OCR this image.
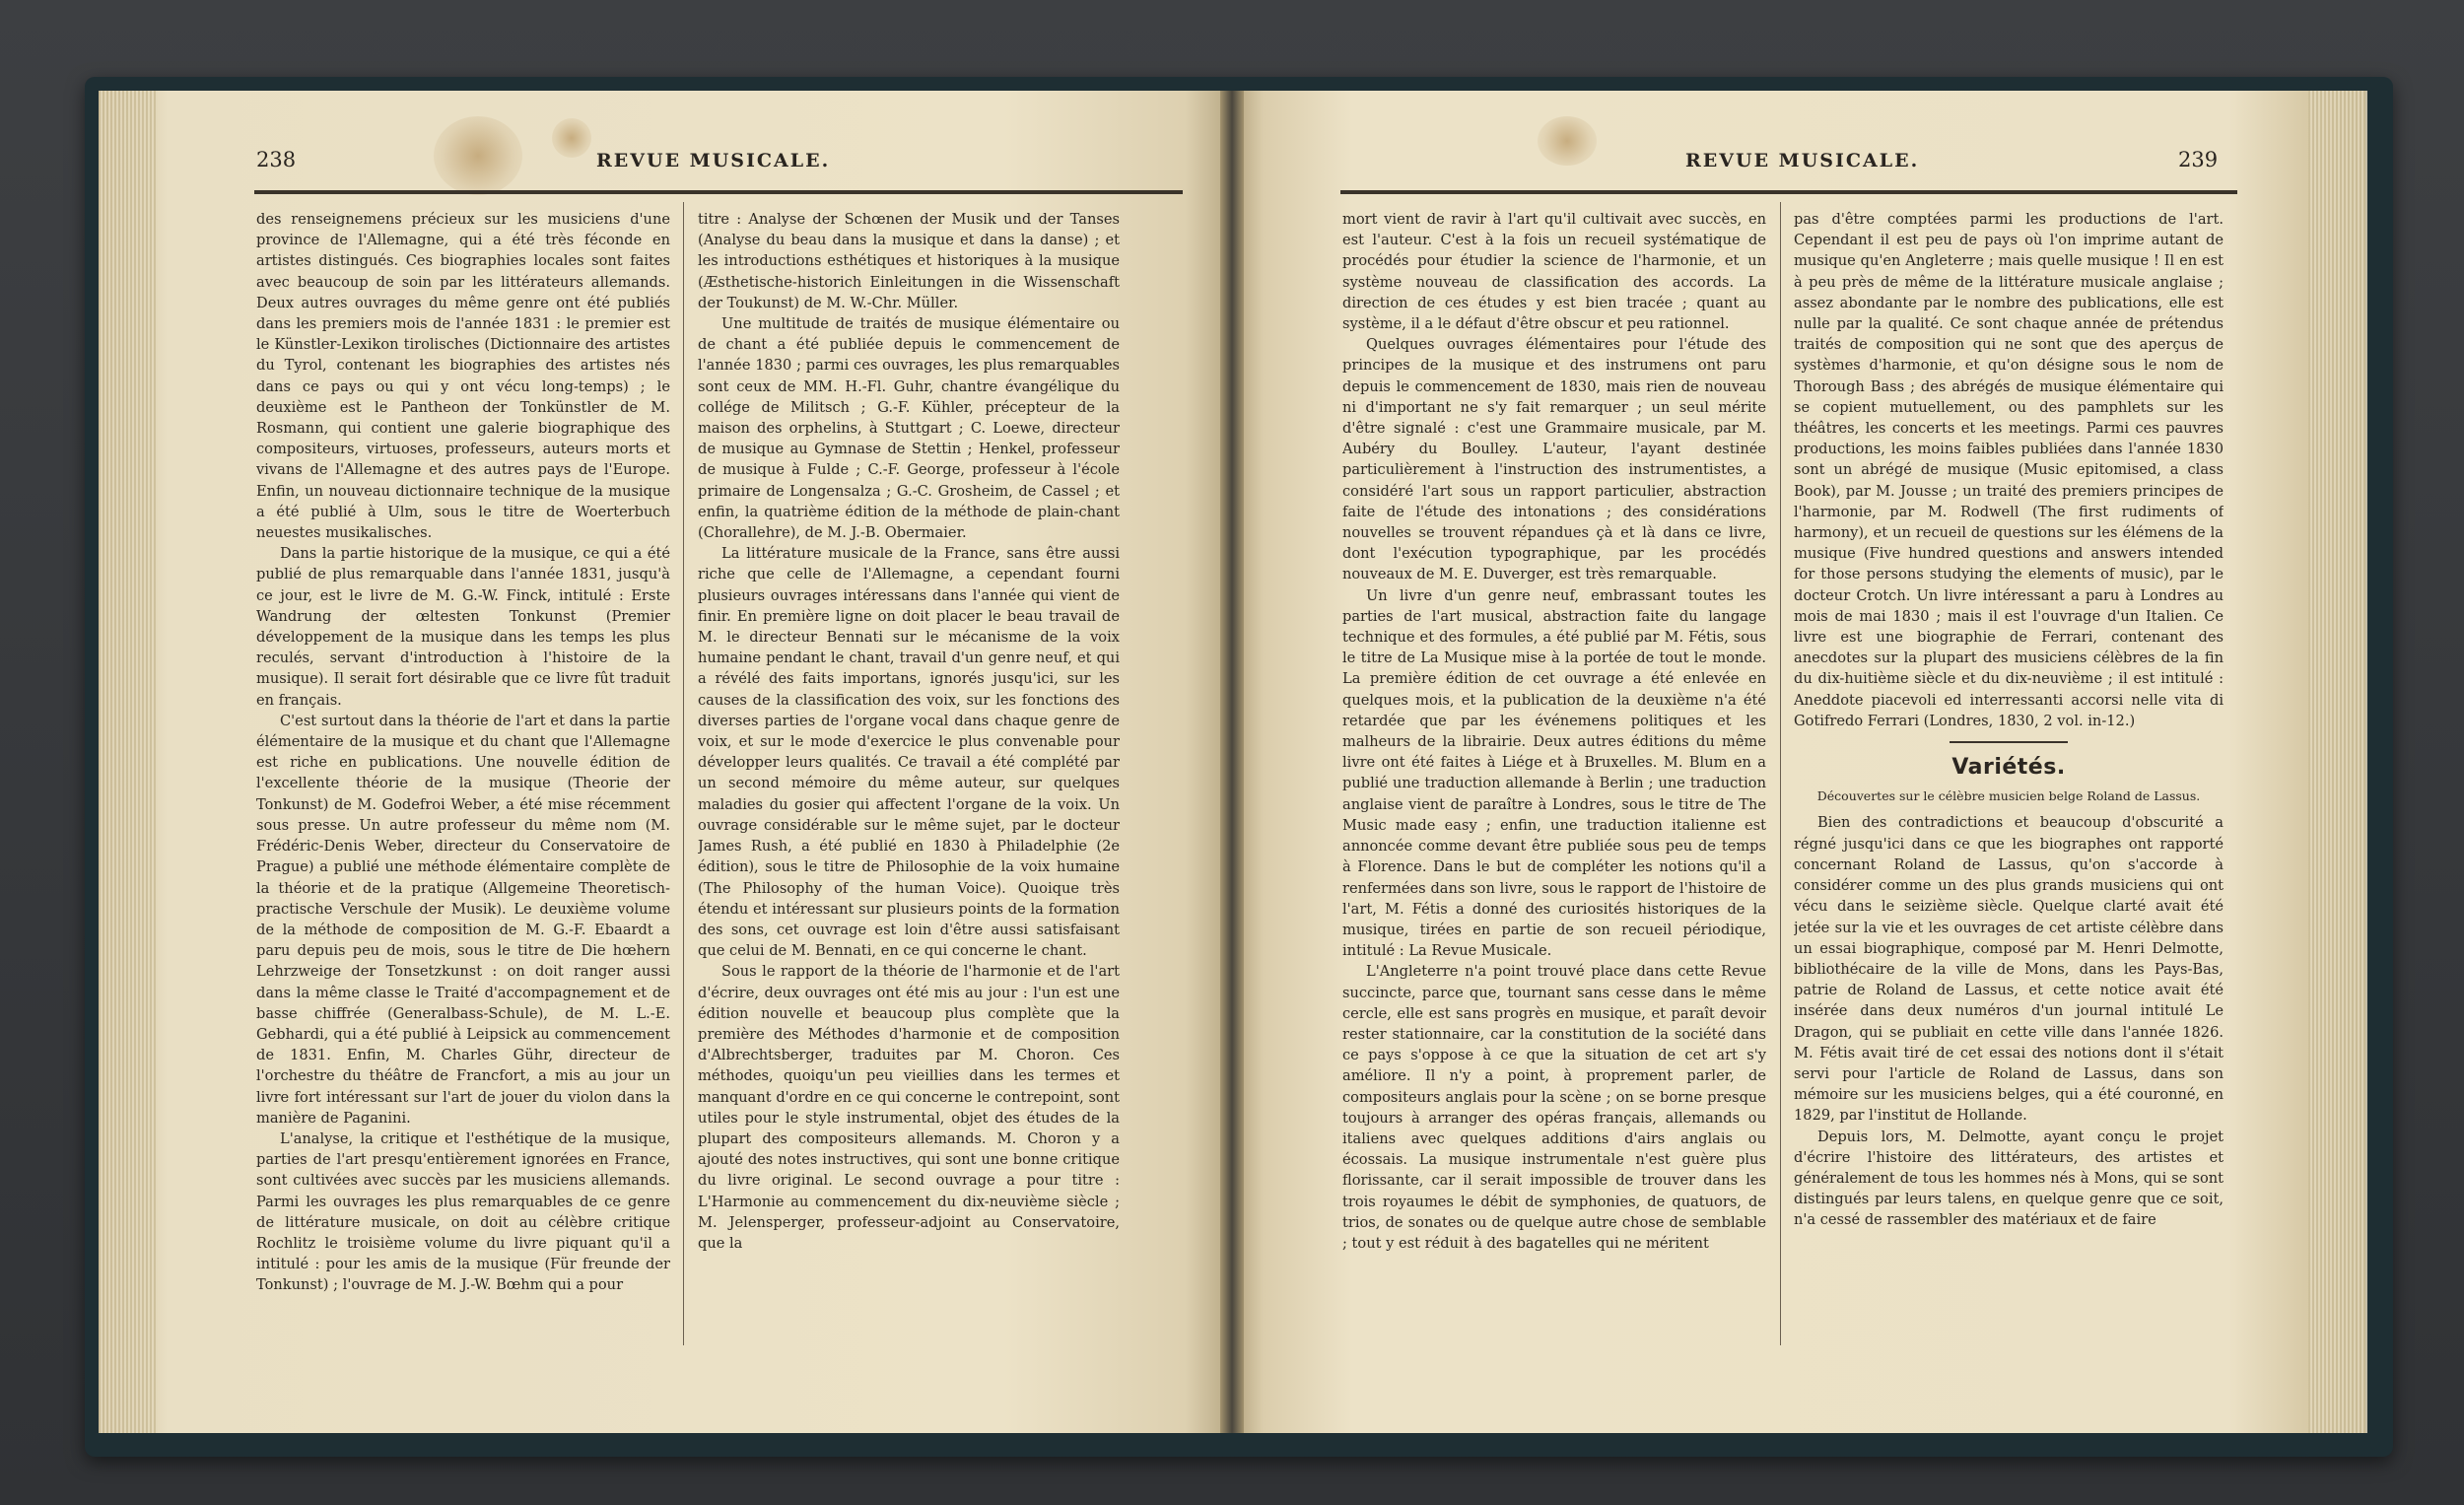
238	REVUE MUSICALE.

des renseignemens précieux sur les musiciens d'une province de l'Allemagne, qui a été très féconde en artistes distingués. Ces biographies locales sont faites avec beaucoup de soin par les littérateurs allemands. Deux autres ouvrages du même genre ont été publiés dans les premiers mois de l'année 1831 : le premier est le Künstler-Lexikon tirolisches (Dictionnaire des artistes du Tyrol, contenant les biographies des artistes nés dans ce pays ou qui y ont vécu long-temps) ; le deuxième est le Pantheon der Tonkünstler de M. Rosmann, qui contient une galerie biographique des compositeurs, virtuoses, professeurs, auteurs morts et vivans de l'Allemagne et des autres pays de l'Europe. Enfin, un nouveau dictionnaire technique de la musique a été publié à Ulm, sous le titre de Woerterbuch neuestes musikalisches.

Dans la partie historique de la musique, ce qui a été publié de plus remarquable dans l'année 1831, jusqu'à ce jour, est le livre de M. G.-W. Finck, intitulé : Erste Wandrung der œltesten Tonkunst (Premier développement de la musique dans les temps les plus reculés, servant d'introduction à l'histoire de la musique). Il serait fort désirable que ce livre fût traduit en français.

C'est surtout dans la théorie de l'art et dans la partie élémentaire de la musique et du chant que l'Allemagne est riche en publications. Une nouvelle édition de l'excellente théorie de la musique (Theorie der Tonkunst) de M. Godefroi Weber, a été mise récemment sous presse. Un autre professeur du même nom (M. Frédéric-Denis Weber, directeur du Conservatoire de Prague) a publié une méthode élémentaire complète de la théorie et de la pratique (Allgemeine Theoretisch-practische Verschule der Musik). Le deuxième volume de la méthode de composition de M. G.-F. Ebaardt a paru depuis peu de mois, sous le titre de Die hœhern Lehrzweige der Tonsetzkunst : on doit ranger aussi dans la même classe le Traité d'accompagnement et de basse chiffrée (Generalbass-Schule), de M. L.-E. Gebhardi, qui a été publié à Leipsick au commencement de 1831. Enfin, M. Charles Gühr, directeur de l'orchestre du théâtre de Francfort, a mis au jour un livre fort intéressant sur l'art de jouer du violon dans la manière de Paganini.

L'analyse, la critique et l'esthétique de la musique, parties de l'art presqu'entièrement ignorées en France, sont cultivées avec succès par les musiciens allemands. Parmi les ouvrages les plus remarquables de ce genre de littérature musicale, on doit au célèbre critique Rochlitz le troisième volume du livre piquant qu'il a intitulé : pour les amis de la musique (Für freunde der Tonkunst) ; l'ouvrage de M. J.-W. Bœhm qui a pour

titre : Analyse der Schœnen der Musik und der Tanses (Analyse du beau dans la musique et dans la danse) ; et les introductions esthétiques et historiques à la musique (Æsthetische-historich Einleitungen in die Wissenschaft der Toukunst) de M. W.-Chr. Müller.

Une multitude de traités de musique élémentaire ou de chant a été publiée depuis le commencement de l'année 1830 ; parmi ces ouvrages, les plus remarquables sont ceux de MM. H.-Fl. Guhr, chantre évangélique du collége de Militsch ; G.-F. Kühler, précepteur de la maison des orphelins, à Stuttgart ; C. Loewe, directeur de musique au Gymnase de Stettin ; Henkel, professeur de musique à Fulde ; C.-F. George, professeur à l'école primaire de Longensalza ; G.-C. Grosheim, de Cassel ; et enfin, la quatrième édition de la méthode de plain-chant (Chorallehre), de M. J.-B. Obermaier.

La littérature musicale de la France, sans être aussi riche que celle de l'Allemagne, a cependant fourni plusieurs ouvrages intéressans dans l'année qui vient de finir. En première ligne on doit placer le beau travail de M. le directeur Bennati sur le mécanisme de la voix humaine pendant le chant, travail d'un genre neuf, et qui a révélé des faits importans, ignorés jusqu'ici, sur les causes de la classification des voix, sur les fonctions des diverses parties de l'organe vocal dans chaque genre de voix, et sur le mode d'exercice le plus convenable pour développer leurs qualités. Ce travail a été complété par un second mémoire du même auteur, sur quelques maladies du gosier qui affectent l'organe de la voix. Un ouvrage considérable sur le même sujet, par le docteur James Rush, a été publié en 1830 à Philadelphie (2e édition), sous le titre de Philosophie de la voix humaine (The Philosophy of the human Voice). Quoique très étendu et intéressant sur plusieurs points de la formation des sons, cet ouvrage est loin d'être aussi satisfaisant que celui de M. Bennati, en ce qui concerne le chant.

Sous le rapport de la théorie de l'harmonie et de l'art d'écrire, deux ouvrages ont été mis au jour : l'un est une édition nouvelle et beaucoup plus complète que la première des Méthodes d'harmonie et de composition d'Albrechtsberger, traduites par M. Choron. Ces méthodes, quoiqu'un peu vieillies dans les termes et manquant d'ordre en ce qui concerne le contrepoint, sont utiles pour le style instrumental, objet des études de la plupart des compositeurs allemands. M. Choron y a ajouté des notes instructives, qui sont une bonne critique du livre original. Le second ouvrage a pour titre : L'Harmonie au commencement du dix-neuvième siècle ; M. Jelensperger, professeur-adjoint au Conservatoire, que la

REVUE MUSICALE.	239

mort vient de ravir à l'art qu'il cultivait avec succès, en est l'auteur. C'est à la fois un recueil systématique de procédés pour étudier la science de l'harmonie, et un système nouveau de classification des accords. La direction de ces études y est bien tracée ; quant au système, il a le défaut d'être obscur et peu rationnel.

Quelques ouvrages élémentaires pour l'étude des principes de la musique et des instrumens ont paru depuis le commencement de 1830, mais rien de nouveau ni d'important ne s'y fait remarquer ; un seul mérite d'être signalé : c'est une Grammaire musicale, par M. Aubéry du Boulley. L'auteur, l'ayant destinée particulièrement à l'instruction des instrumentistes, a considéré l'art sous un rapport particulier, abstraction faite de l'étude des intonations ; des considérations nouvelles se trouvent répandues çà et là dans ce livre, dont l'exécution typographique, par les procédés nouveaux de M. E. Duverger, est très remarquable.

Un livre d'un genre neuf, embrassant toutes les parties de l'art musical, abstraction faite du langage technique et des formules, a été publié par M. Fétis, sous le titre de La Musique mise à la portée de tout le monde. La première édition de cet ouvrage a été enlevée en quelques mois, et la publication de la deuxième n'a été retardée que par les événemens politiques et les malheurs de la librairie. Deux autres éditions du même livre ont été faites à Liége et à Bruxelles. M. Blum en a publié une traduction allemande à Berlin ; une traduction anglaise vient de paraître à Londres, sous le titre de The Music made easy ; enfin, une traduction italienne est annoncée comme devant être publiée sous peu de temps à Florence. Dans le but de compléter les notions qu'il a renfermées dans son livre, sous le rapport de l'histoire de l'art, M. Fétis a donné des curiosités historiques de la musique, tirées en partie de son recueil périodique, intitulé : La Revue Musicale.

L'Angleterre n'a point trouvé place dans cette Revue succincte, parce que, tournant sans cesse dans le même cercle, elle est sans progrès en musique, et paraît devoir rester stationnaire, car la constitution de la société dans ce pays s'oppose à ce que la situation de cet art s'y améliore. Il n'y a point, à proprement parler, de compositeurs anglais pour la scène ; on se borne presque toujours à arranger des opéras français, allemands ou italiens avec quelques additions d'airs anglais ou écossais. La musique instrumentale n'est guère plus florissante, car il serait impossible de trouver dans les trois royaumes le débit de symphonies, de quatuors, de trios, de sonates ou de quelque autre chose de semblable ; tout y est réduit à des bagatelles qui ne méritent

pas d'être comptées parmi les productions de l'art. Cependant il est peu de pays où l'on imprime autant de musique qu'en Angleterre ; mais quelle musique ! Il en est à peu près de même de la littérature musicale anglaise ; assez abondante par le nombre des publications, elle est nulle par la qualité. Ce sont chaque année de prétendus traités de composition qui ne sont que des aperçus de systèmes d'harmonie, et qu'on désigne sous le nom de Thorough Bass ; des abrégés de musique élémentaire qui se copient mutuellement, ou des pamphlets sur les théâtres, les concerts et les meetings. Parmi ces pauvres productions, les moins faibles publiées dans l'année 1830 sont un abrégé de musique (Music epitomised, a class Book), par M. Jousse ; un traité des premiers principes de l'harmonie, par M. Rodwell (The first rudiments of harmony), et un recueil de questions sur les élémens de la musique (Five hundred questions and answers intended for those persons studying the elements of music), par le docteur Crotch. Un livre intéressant a paru à Londres au mois de mai 1830 ; mais il est l'ouvrage d'un Italien. Ce livre est une biographie de Ferrari, contenant des anecdotes sur la plupart des musiciens célèbres de la fin du dix-huitième siècle et du dix-neuvième ; il est intitulé : Aneddote piacevoli ed interressanti accorsi nelle vita di Gotifredo Ferrari (Londres, 1830, 2 vol. in-12.)

Variétés.
Découvertes sur le célèbre musicien belge Roland de Lassus.

Bien des contradictions et beaucoup d'obscurité a régné jusqu'ici dans ce que les biographes ont rapporté concernant Roland de Lassus, qu'on s'accorde à considérer comme un des plus grands musiciens qui ont vécu dans le seizième siècle. Quelque clarté avait été jetée sur la vie et les ouvrages de cet artiste célèbre dans un essai biographique, composé par M. Henri Delmotte, bibliothécaire de la ville de Mons, dans les Pays-Bas, patrie de Roland de Lassus, et cette notice avait été insérée dans deux numéros d'un journal intitulé Le Dragon, qui se publiait en cette ville dans l'année 1826. M. Fétis avait tiré de cet essai des notions dont il s'était servi pour l'article de Roland de Lassus, dans son mémoire sur les musiciens belges, qui a été couronné, en 1829, par l'institut de Hollande.

Depuis lors, M. Delmotte, ayant conçu le projet d'écrire l'histoire des littérateurs, des artistes et généralement de tous les hommes nés à Mons, qui se sont distingués par leurs talens, en quelque genre que ce soit, n'a cessé de rassembler des matériaux et de faire
